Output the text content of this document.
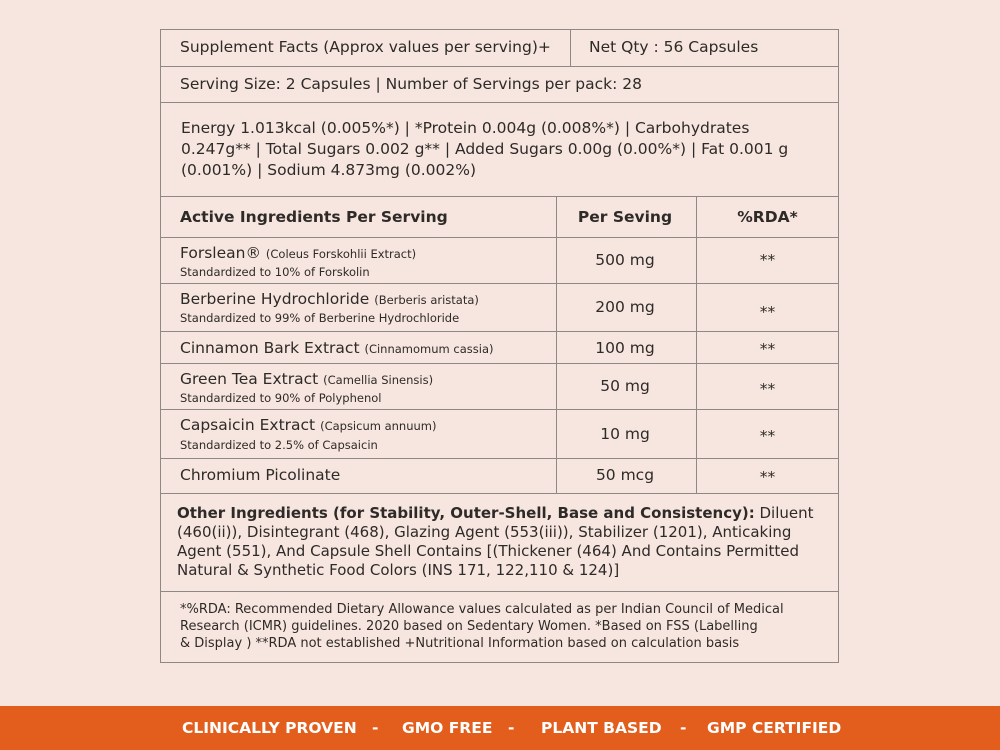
Supplement Facts (Approx values per serving)+ Net Qty : 56 Capsules
Serving Size: 2 Capsules | Number of Servings per pack: 28
Energy 1.013kcal (0.005%*) | *Protein 0.004g (0.008%*) | Carbohydrates
0.247g** | Total Sugars 0.002 g** | Added Sugars 0.00g (0.00%*) | Fat 0.001 g
(0.001%) | Sodium 4.873mg (0.002%)
Active Ingredients Per Serving	Per Seving	%RDA*
Forslean® (Coleus Forskohlii Extract)
Standardized to 10% of Forskolin
500 mg	**
Berberine Hydrochloride (Berberis aristata)
Standardized to 99% of Berberine Hydrochloride
200 mg	**
Cinnamon Bark Extract (Cinnamomum cassia)	100 mg	**
Green Tea Extract (Camellia Sinensis)
Standardized to 90% of Polyphenol
50 mg	**
Capsaicin Extract (Capsicum annuum)
Standardized to 2.5% of Capsaicin
10 mg	**
Chromium Picolinate	50 mcg	**
Other Ingredients (for Stability, Outer-Shell, Base and Consistency): Diluent
(460(ii)), Disintegrant (468), Glazing Agent (553(iii)), Stabilizer (1201), Anticaking
Agent (551), And Capsule Shell Contains [(Thickener (464) And Contains Permitted
Natural & Synthetic Food Colors (INS 171, 122,110 & 124)]
*%RDA: Recommended Dietary Allowance values calculated as per Indian Council of Medical
Research (ICMR) guidelines. 2020 based on Sedentary Women. *Based on FSS (Labelling
& Display ) **RDA not established +Nutritional Information based on calculation basis
CLINICALLY PROVEN - GMO FREE - PLANT BASED - GMP CERTIFIED
